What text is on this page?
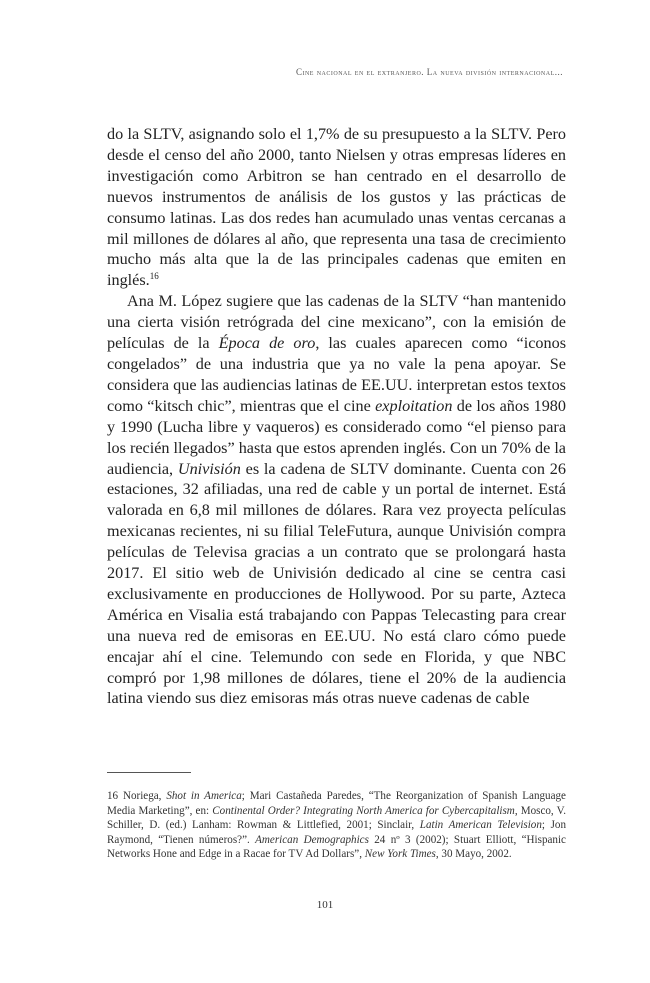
Cine nacional en el extranjero. La nueva división internacional...

do la SLTV, asignando solo el 1,7% de su presupuesto a la SLTV. Pero desde el censo del año 2000, tanto Nielsen y otras empresas líderes en investigación como Arbitron se han centrado en el desarrollo de nuevos instrumentos de análisis de los gustos y las prácticas de consumo latinas. Las dos redes han acumulado unas ventas cercanas a mil millones de dólares al año, que representa una tasa de crecimiento mucho más alta que la de las principales cadenas que emiten en inglés.$^{16}$

Ana M. López sugiere que las cadenas de la SLTV “han mantenido una cierta visión retrógrada del cine mexicano”, con la emisión de películas de la Época de oro, las cuales aparecen como “iconos congelados” de una industria que ya no vale la pena apoyar. Se considera que las audiencias latinas de EE.UU. interpretan estos textos como “kitsch chic”, mientras que el cine exploitation de los años 1980 y 1990 (Lucha libre y vaqueros) es considerado como “el pienso para los recién llegados” hasta que estos aprenden inglés. Con un 70% de la audiencia, Univisión es la cadena de SLTV dominante. Cuenta con 26 estaciones, 32 afiliadas, una red de cable y un portal de internet. Está valorada en 6,8 mil millones de dólares. Rara vez proyecta películas mexicanas recientes, ni su filial TeleFutura, aunque Univisión compra películas de Televisa gracias a un contrato que se prolongará hasta 2017. El sitio web de Univisión dedicado al cine se centra casi exclusivamente en producciones de Hollywood. Por su parte, Azteca América en Visalia está trabajando con Pappas Telecasting para crear una nueva red de emisoras en EE.UU. No está claro cómo puede encajar ahí el cine. Telemundo con sede en Florida, y que NBC compró por 1,98 millones de dólares, tiene el 20% de la audiencia latina viendo sus diez emisoras más otras nueve cadenas de cable

16 Noriega, Shot in America; Mari Castañeda Paredes, “The Reorganization of Spanish Language Media Marketing”, en: Continental Order? Integrating North America for Cybercapitalism, Mosco, V. Schiller, D. (ed.) Lanham: Rowman & Littlefied, 2001; Sinclair, Latin American Television; Jon Raymond, “Tienen números?”. American Demographics 24 nº 3 (2002); Stuart Elliott, “Hispanic Networks Hone and Edge in a Racae for TV Ad Dollars”, New York Times, 30 Mayo, 2002.

101
